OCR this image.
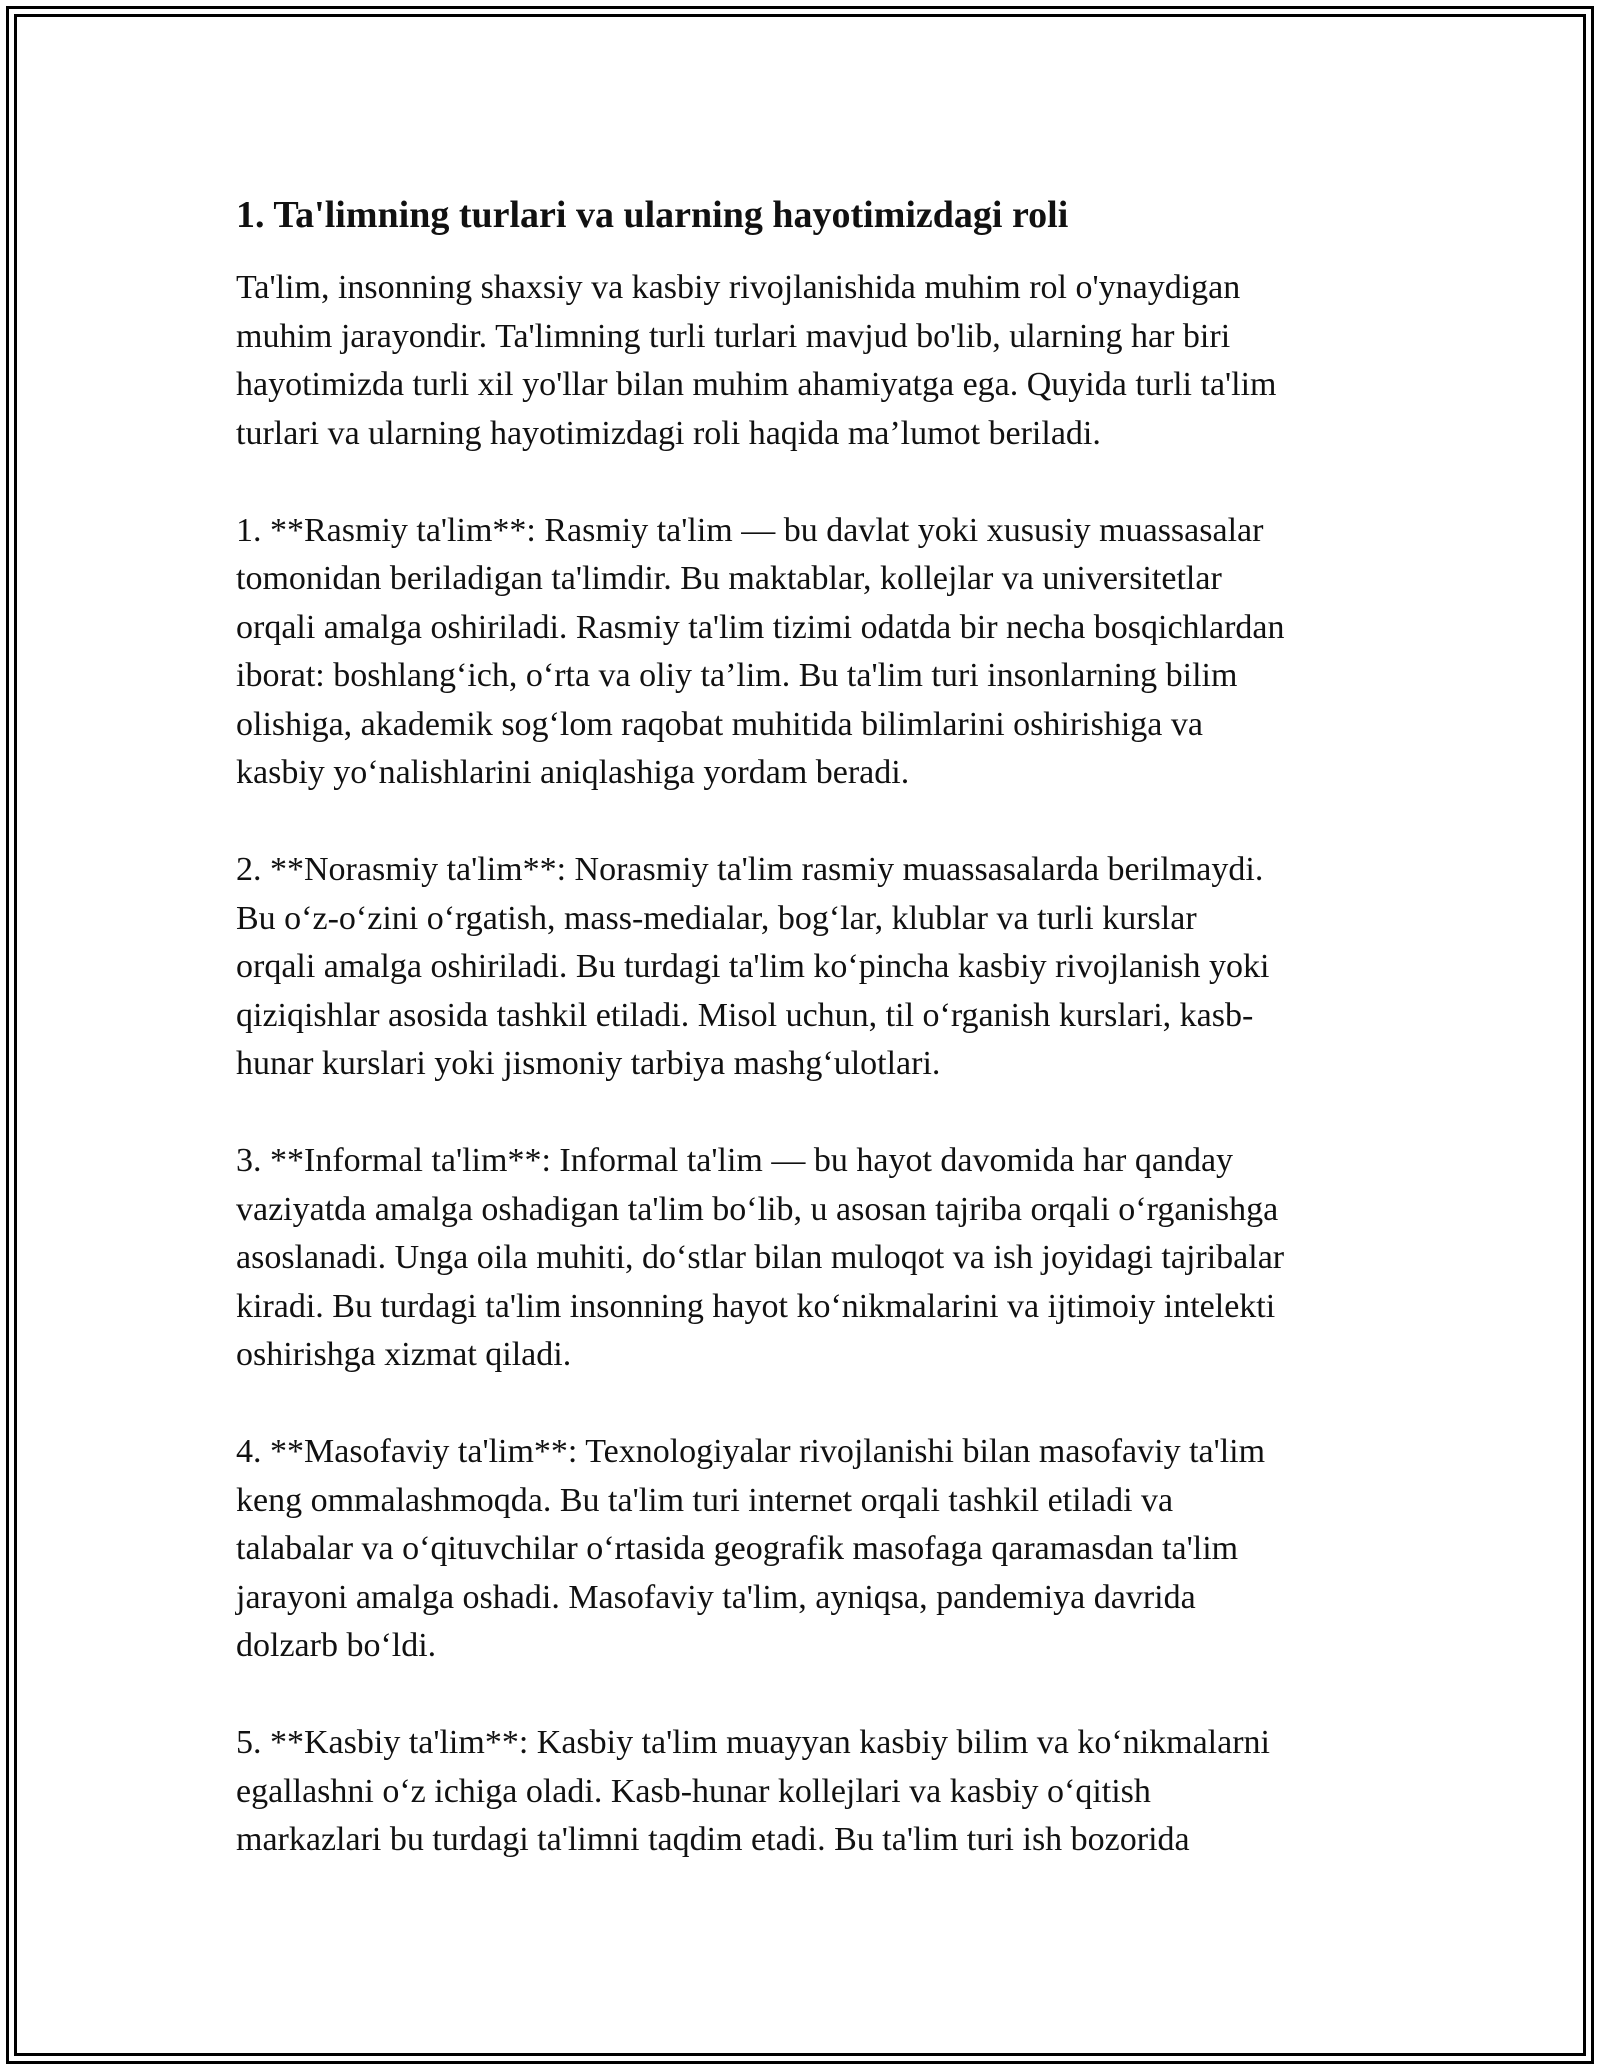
1. Ta'limning turlari va ularning hayotimizdagi roli

Ta'lim, insonning shaxsiy va kasbiy rivojlanishida muhim rol o'ynaydigan
muhim jarayondir. Ta'limning turli turlari mavjud bo'lib, ularning har biri
hayotimizda turli xil yo'llar bilan muhim ahamiyatga ega. Quyida turli ta'lim
turlari va ularning hayotimizdagi roli haqida ma’lumot beriladi.

1. **Rasmiy ta'lim**: Rasmiy ta'lim — bu davlat yoki xususiy muassasalar
tomonidan beriladigan ta'limdir. Bu maktablar, kollejlar va universitetlar
orqali amalga oshiriladi. Rasmiy ta'lim tizimi odatda bir necha bosqichlardan
iborat: boshlang‘ich, o‘rta va oliy ta’lim. Bu ta'lim turi insonlarning bilim
olishiga, akademik sog‘lom raqobat muhitida bilimlarini oshirishiga va
kasbiy yo‘nalishlarini aniqlashiga yordam beradi.

2. **Norasmiy ta'lim**: Norasmiy ta'lim rasmiy muassasalarda berilmaydi.
Bu o‘z-o‘zini o‘rgatish, mass-medialar, bog‘lar, klublar va turli kurslar
orqali amalga oshiriladi. Bu turdagi ta'lim ko‘pincha kasbiy rivojlanish yoki
qiziqishlar asosida tashkil etiladi. Misol uchun, til o‘rganish kurslari, kasb-
hunar kurslari yoki jismoniy tarbiya mashg‘ulotlari.

3. **Informal ta'lim**: Informal ta'lim — bu hayot davomida har qanday
vaziyatda amalga oshadigan ta'lim bo‘lib, u asosan tajriba orqali o‘rganishga
asoslanadi. Unga oila muhiti, do‘stlar bilan muloqot va ish joyidagi tajribalar
kiradi. Bu turdagi ta'lim insonning hayot ko‘nikmalarini va ijtimoiy intelekti
oshirishga xizmat qiladi.

4. **Masofaviy ta'lim**: Texnologiyalar rivojlanishi bilan masofaviy ta'lim
keng ommalashmoqda. Bu ta'lim turi internet orqali tashkil etiladi va
talabalar va o‘qituvchilar o‘rtasida geografik masofaga qaramasdan ta'lim
jarayoni amalga oshadi. Masofaviy ta'lim, ayniqsa, pandemiya davrida
dolzarb bo‘ldi.

5. **Kasbiy ta'lim**: Kasbiy ta'lim muayyan kasbiy bilim va ko‘nikmalarni
egallashni o‘z ichiga oladi. Kasb-hunar kollejlari va kasbiy o‘qitish
markazlari bu turdagi ta'limni taqdim etadi. Bu ta'lim turi ish bozorida
